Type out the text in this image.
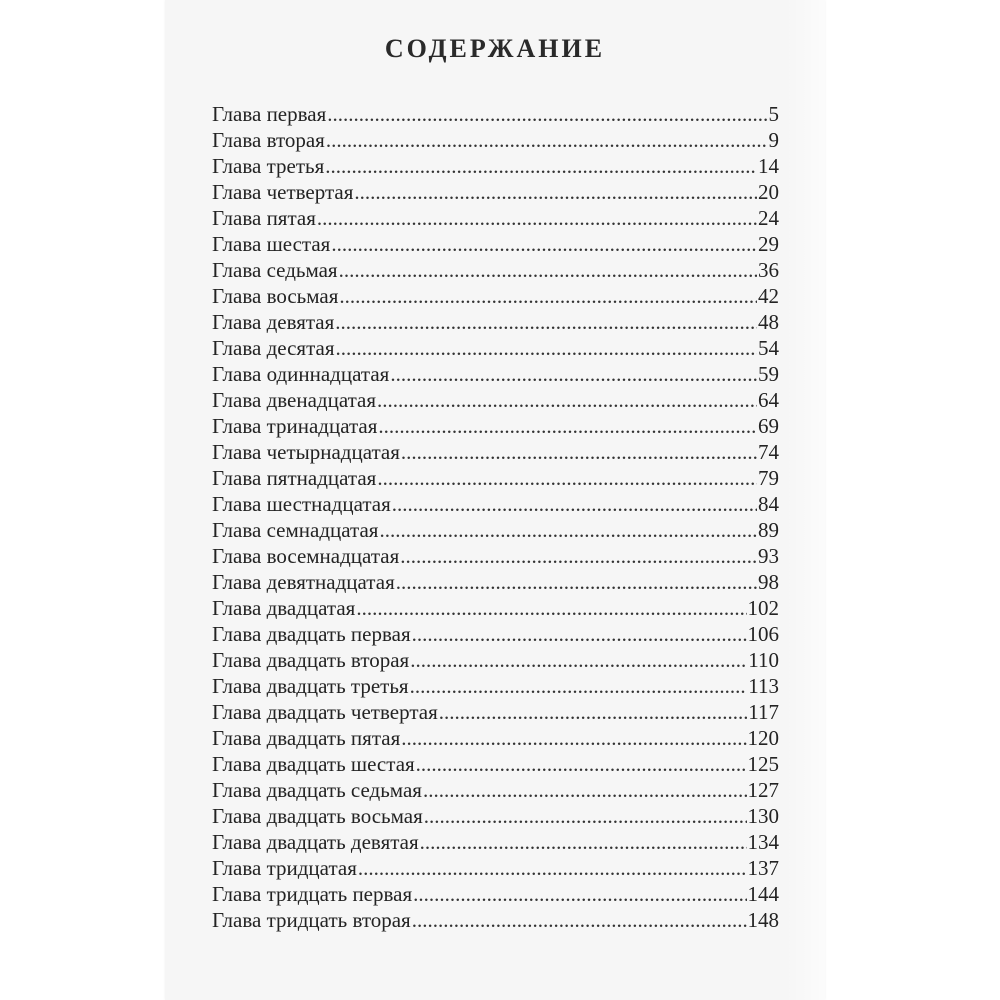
СОДЕРЖАНИЕ
Глава первая .....	5
Глава вторая .....	9
Глава третья .....	14
Глава четвертая .....	20
Глава пятая .....	24
Глава шестая .....	29
Глава седьмая .....	36
Глава восьмая .....	42
Глава девятая .....	48
Глава десятая .....	54
Глава одиннадцатая .....	59
Глава двенадцатая .....	64
Глава тринадцатая .....	69
Глава четырнадцатая .....	74
Глава пятнадцатая .....	79
Глава шестнадцатая .....	84
Глава семнадцатая .....	89
Глава восемнадцатая .....	93
Глава девятнадцатая .....	98
Глава двадцатая .....	102
Глава двадцать первая .....	106
Глава двадцать вторая .....	110
Глава двадцать третья .....	113
Глава двадцать четвертая .....	117
Глава двадцать пятая .....	120
Глава двадцать шестая .....	125
Глава двадцать седьмая .....	127
Глава двадцать восьмая .....	130
Глава двадцать девятая .....	134
Глава тридцатая .....	137
Глава тридцать первая .....	144
Глава тридцать вторая .....	148
